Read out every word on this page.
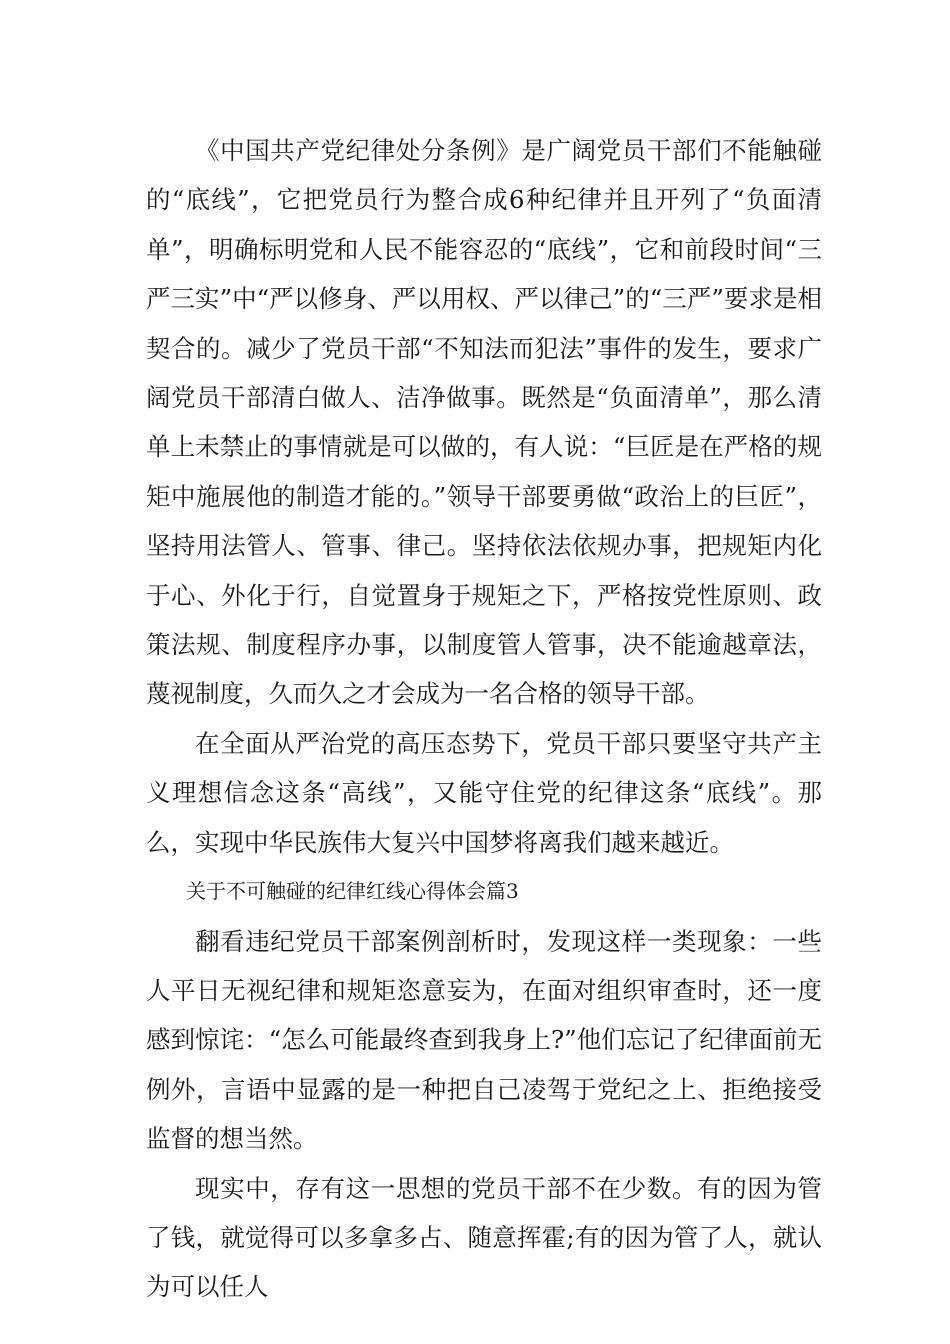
《中国共产党纪律处分条例》是广阔党员干部们不能触碰的“底线”，它把党员行为整合成6种纪律并且开列了“负面清单”，明确标明党和人民不能容忍的“底线”，它和前段时间“三严三实”中“严以修身、严以用权、严以律己”的“三严”要求是相契合的。减少了党员干部“不知法而犯法”事件的发生，要求广阔党员干部清白做人、洁净做事。既然是“负面清单”，那么清单上未禁止的事情就是可以做的，有人说：“巨匠是在严格的规矩中施展他的制造才能的。”领导干部要勇做“政治上的巨匠”，坚持用法管人、管事、律己。坚持依法依规办事，把规矩内化于心、外化于行，自觉置身于规矩之下，严格按党性原则、政策法规、制度程序办事，以制度管人管事，决不能逾越章法，蔑视制度，久而久之才会成为一名合格的领导干部。

在全面从严治党的高压态势下，党员干部只要坚守共产主义理想信念这条“高线”，又能守住党的纪律这条“底线”。那么，实现中华民族伟大复兴中国梦将离我们越来越近。

关于不可触碰的纪律红线心得体会篇3

翻看违纪党员干部案例剖析时，发现这样一类现象：一些人平日无视纪律和规矩恣意妄为，在面对组织审查时，还一度感到惊诧：“怎么可能最终查到我身上?”他们忘记了纪律面前无例外，言语中显露的是一种把自己凌驾于党纪之上、拒绝接受监督的想当然。

现实中，存有这一思想的党员干部不在少数。有的因为管了钱，就觉得可以多拿多占、随意挥霍;有的因为管了人，就认为可以任人
